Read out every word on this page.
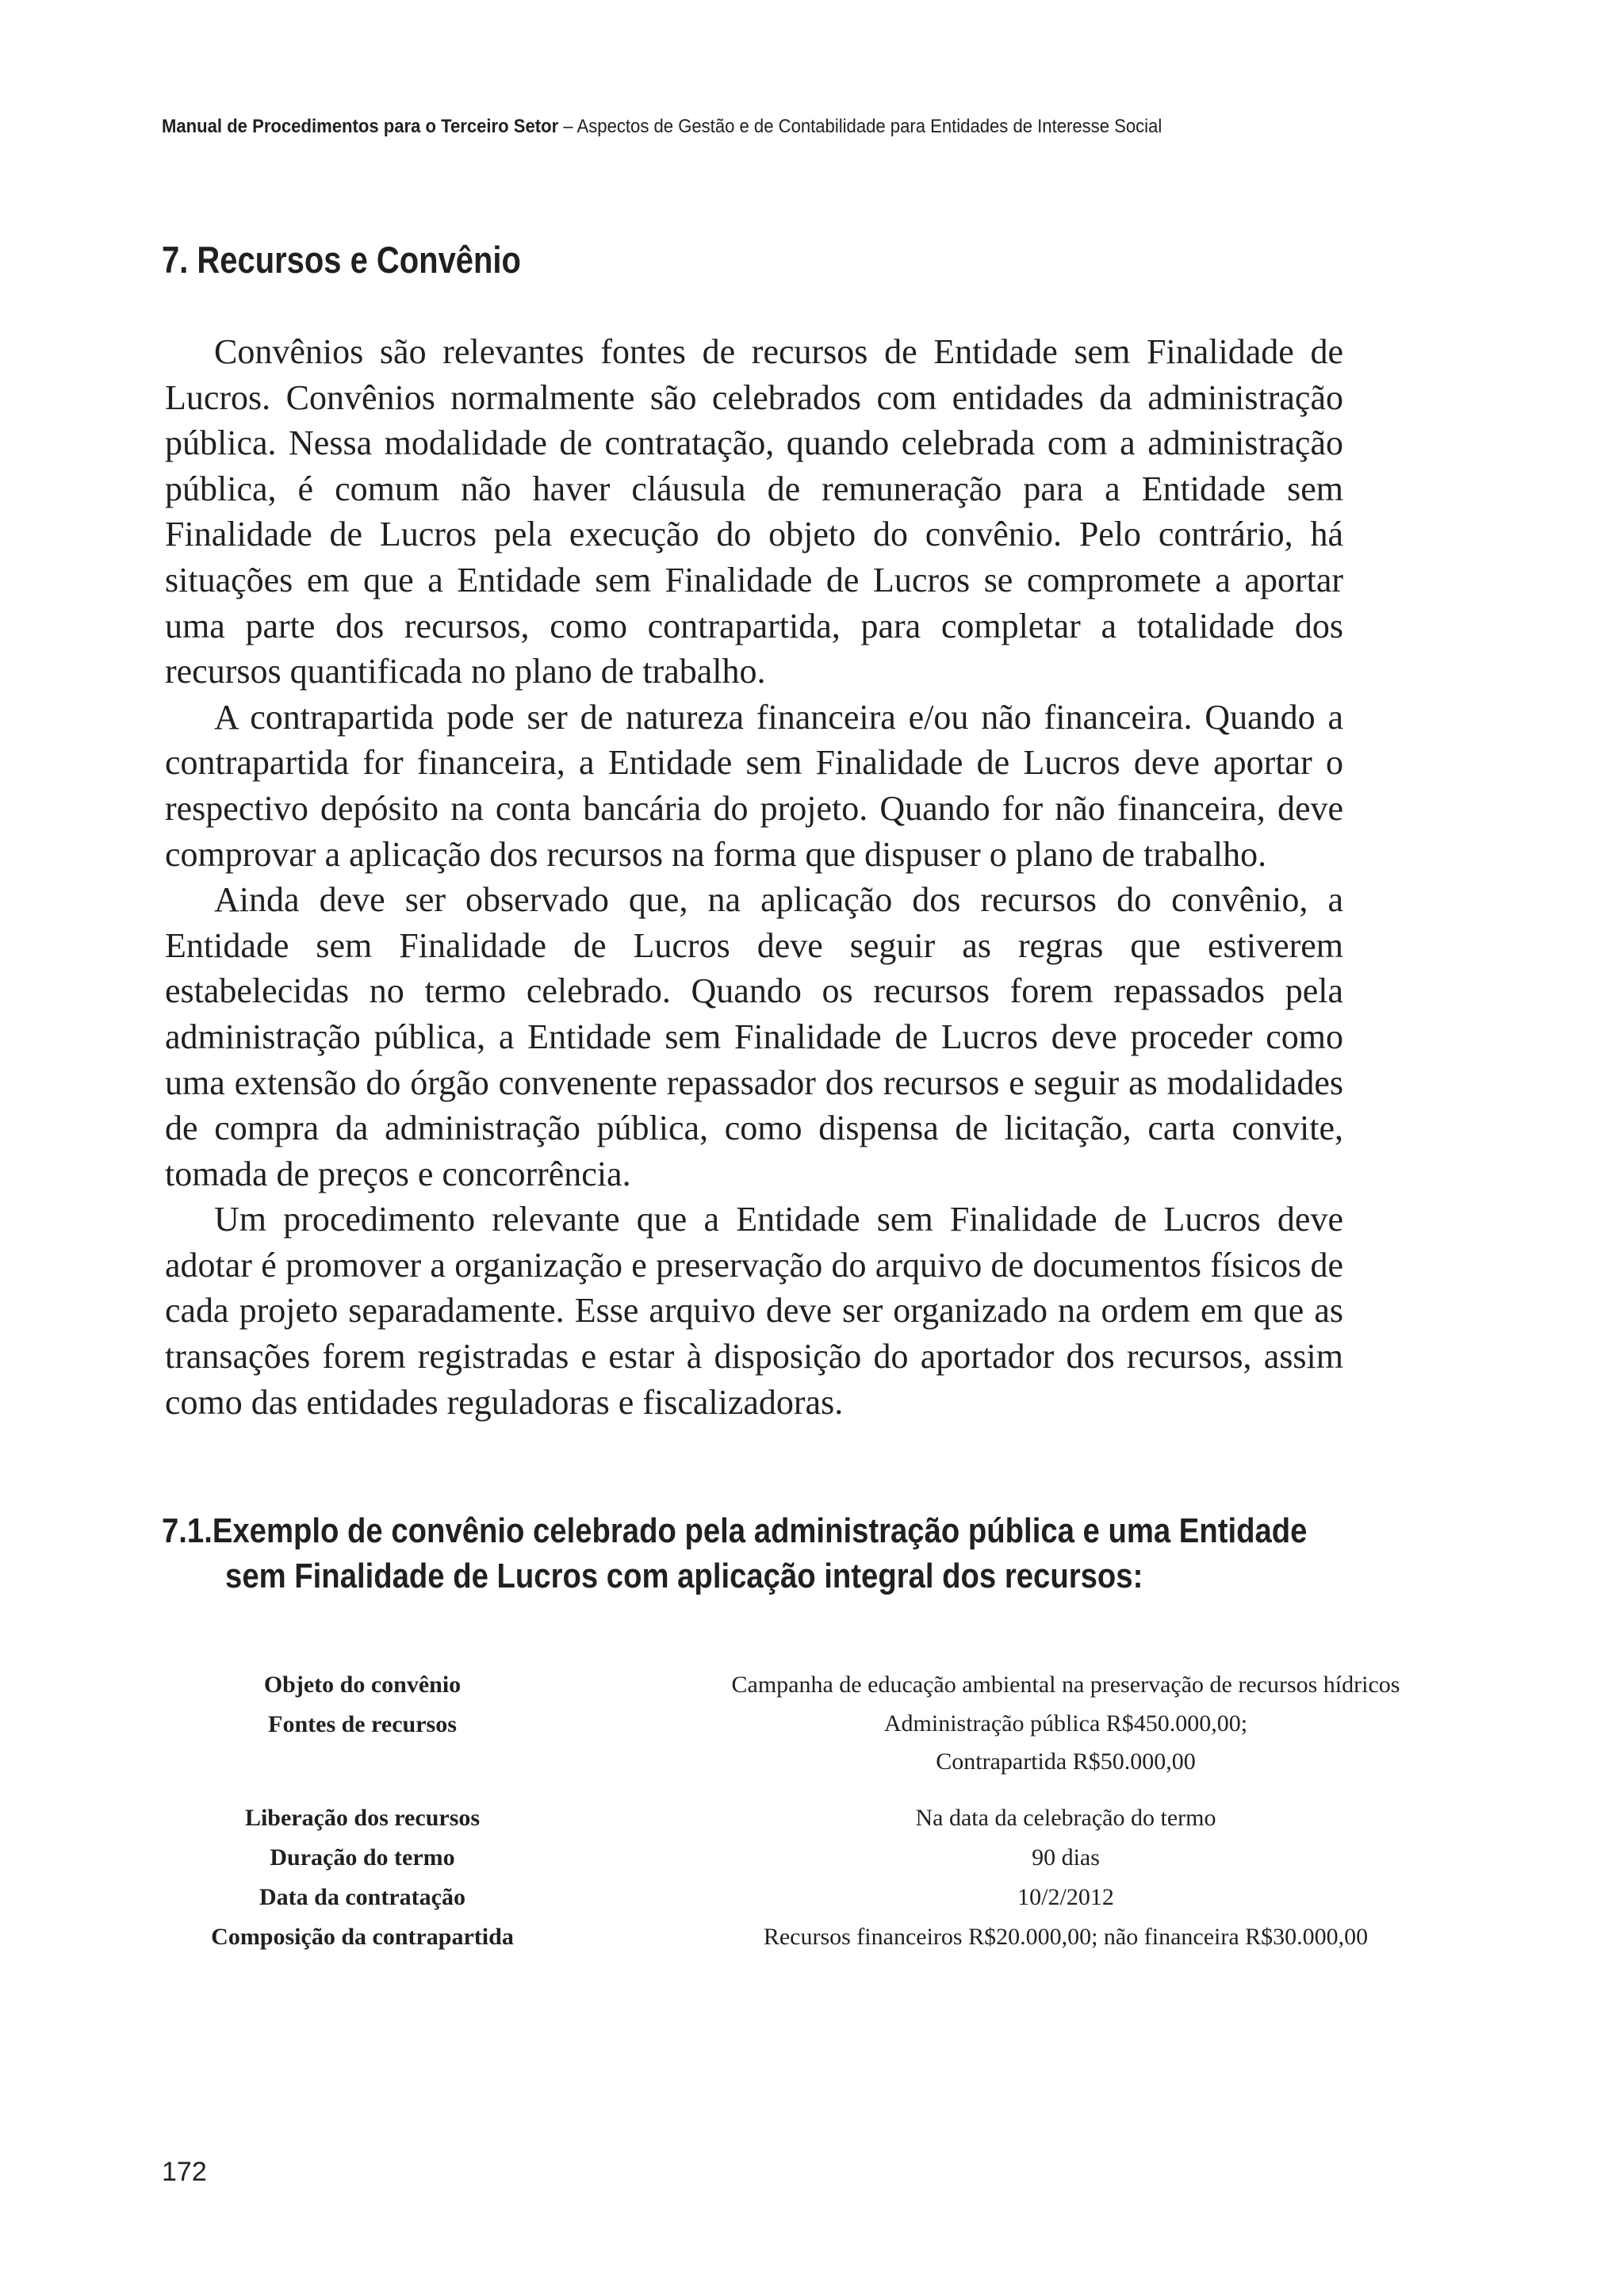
Manual de Procedimentos para o Terceiro Setor – Aspectos de Gestão e de Contabilidade para Entidades de Interesse Social
7. Recursos e Convênio

Convênios são relevantes fontes de recursos de Entidade sem Finalidade de Lucros. Convênios normalmente são celebrados com entidades da administração pública. Nessa modalidade de contratação, quando celebrada com a administração pública, é comum não haver cláusula de remuneração para a Entidade sem Finalidade de Lucros pela execução do objeto do convênio. Pelo contrário, há situações em que a Entidade sem Finalidade de Lucros se compromete a aportar uma parte dos recursos, como contrapartida, para completar a totalidade dos recursos quantificada no plano de trabalho.

A contrapartida pode ser de natureza financeira e/ou não financeira. Quando a contrapartida for financeira, a Entidade sem Finalidade de Lucros deve aportar o respectivo depósito na conta bancária do projeto. Quando for não financeira, deve comprovar a aplicação dos recursos na forma que dispuser o plano de trabalho.

Ainda deve ser observado que, na aplicação dos recursos do convênio, a Entidade sem Finalidade de Lucros deve seguir as regras que estiverem estabelecidas no termo celebrado. Quando os recursos forem repassados pela administração pública, a Entidade sem Finalidade de Lucros deve proceder como uma extensão do órgão convenente repassador dos recursos e seguir as modalidades de compra da administração pública, como dispensa de licitação, carta convite, tomada de preços e concorrência.

Um procedimento relevante que a Entidade sem Finalidade de Lucros deve adotar é promover a organização e preservação do arquivo de documentos físicos de cada projeto separadamente. Esse arquivo deve ser organizado na ordem em que as transações forem registradas e estar à disposição do aportador dos recursos, assim como das entidades reguladoras e fiscalizadoras.

7.1. Exemplo de convênio celebrado pela administração pública e uma Entidade
sem Finalidade de Lucros com aplicação integral dos recursos:
Objeto do convênio	Campanha de educação ambiental na preservação de recursos hídricos
Fontes de recursos	Administração pública R$450.000,00;
Contrapartida R$50.000,00

Liberação dos recursos	Na data da celebração do termo
Duração do termo	90 dias
Data da contratação	10/2/2012
Composição da contrapartida	Recursos financeiros R$20.000,00; não financeira R$30.000,00
172
